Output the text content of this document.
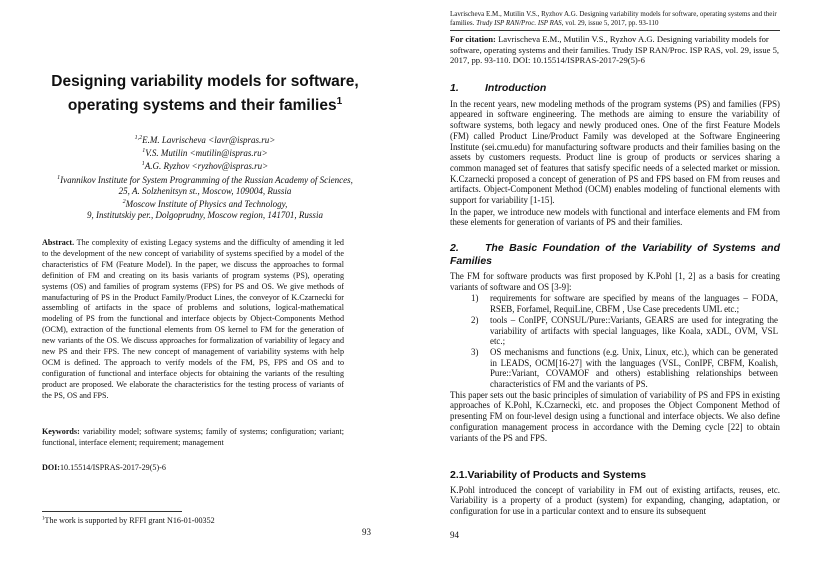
Designing variability models for software, operating systems and their families$^1$
$^{1,2}$E.M. Lavrischeva <lavr@ispras.ru>
$^1$V.S. Mutilin <mutilin@ispras.ru>
$^1$A.G. Ryzhov <ryzhov@ispras.ru>
$^1$Ivannikov Institute for System Programming of the Russian Academy of Sciences,
25, A. Solzhenitsyn st., Moscow, 109004, Russia
$^2$Moscow Institute of Physics and Technology,
9, Institutskiy per., Dolgoprudny, Moscow region, 141701, Russia
Abstract. The complexity of existing Legacy systems and the difficulty of amending it led to the development of the new concept of variability of systems specified by a model of the characteristics of FM (Feature Model). In the paper, we discuss the approaches to formal definition of FM and creating on its basis variants of program systems (PS), operating systems (OS) and families of program systems (FPS) for PS and OS. We give methods of manufacturing of PS in the Product Family/Product Lines, the conveyor of K.Czarnecki for assembling of artifacts in the space of problems and solutions, logical-mathematical modeling of PS from the functional and interface objects by Object-Components Method (OCM), extraction of the functional elements from OS kernel to FM for the generation of new variants of the OS. We discuss approaches for formalization of variability of legacy and new PS and their FPS. The new concept of management of variability systems with help OCM is defined. The approach to verify models of the FM, PS, FPS and OS and to configuration of functional and interface objects for obtaining the variants of the resulting product are proposed. We elaborate the characteristics for the testing process of variants of the PS, OS and FPS.
Keywords: variability model; software systems; family of systems; configuration; variant; functional, interface element; requirement; management
DOI:10.15514/ISPRAS-2017-29(5)-6
$^1$The work is supported by RFFI grant N16-01-00352
93
Lavrischeva E.M., Mutilin V.S., Ryzhov A.G. Designing variability models for software, operating systems and their families. Trudy ISP RAN/Proc. ISP RAS, vol. 29, issue 5, 2017, pp. 93-110
For citation: Lavrischeva E.M., Mutilin V.S., Ryzhov A.G. Designing variability models for software, operating systems and their families. Trudy ISP RAN/Proc. ISP RAS, vol. 29, issue 5, 2017, pp. 93-110. DOI: 10.15514/ISPRAS-2017-29(5)-6
1. Introduction

In the recent years, new modeling methods of the program systems (PS) and families (FPS) appeared in software engineering. The methods are aiming to ensure the variability of software systems, both legacy and newly produced ones. One of the first Feature Models (FM) called Product Line/Product Family was developed at the Software Engineering Institute (sei.cmu.edu) for manufacturing software products and their families basing on the assets by customers requests. Product line is group of products or services sharing a common managed set of features that satisfy specific needs of a selected market or mission. K.Czarnecki proposed a concept of generation of PS and FPS based on FM from reuses and artifacts. Object-Component Method (OCM) enables modeling of functional elements with support for variability [1-15].

In the paper, we introduce new models with functional and interface elements and FM from these elements for generation of variants of PS and their families.

2. The Basic Foundation of the Variability of Systems and Families

The FM for software products was first proposed by K.Pohl [1, 2] as a basis for creating variants of software and OS [3-9]:

1) requirements for software are specified by means of the languages – FODA, RSEB, Forfamel, RequiLine, CBFM , Use Case precedents UML etc.;
2) tools – ConIPF, CONSUL/Pure::Variants, GEARS are used for integrating the variability of artifacts with special languages, like Koala, xADL, OVM, VSL etc.;
3) OS mechanisms and functions (e.g. Unix, Linux, etc.), which can be generated in LEADS, OCM[16-27] with the languages (VSL, ConIPF, CBFM, Koalish, Pure::Variant, COVAMOF and others) establishing relationships between characteristics of FM and the variants of PS.

This paper sets out the basic principles of simulation of variability of PS and FPS in existing approaches of K.Pohl, K.Czarnecki, etc. and proposes the Object Component Method of presenting FM on four-level design using a functional and interface objects. We also define configuration management process in accordance with the Deming cycle [22] to obtain variants of the PS and FPS.

2.1.Variability of Products and Systems

K.Pohl introduced the concept of variability in FM out of existing artifacts, reuses, etc. Variability is a property of a product (system) for expanding, changing, adaptation, or configuration for use in a particular context and to ensure its subsequent

94
